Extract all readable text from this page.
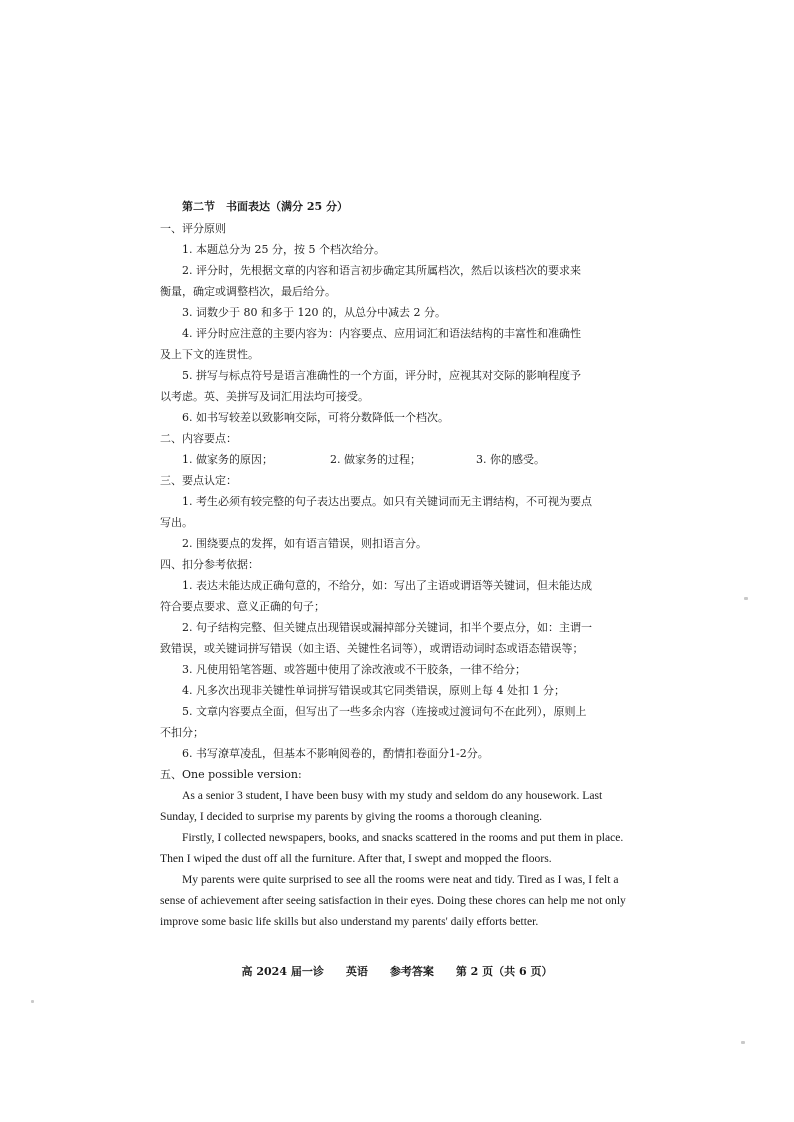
第二节　书面表达（满分 25 分）
一、评分原则
1. 本题总分为 25 分，按 5 个档次给分。
2. 评分时，先根据文章的内容和语言初步确定其所属档次，然后以该档次的要求来
衡量，确定或调整档次，最后给分。
3. 词数少于 80 和多于 120 的，从总分中减去 2 分。
4. 评分时应注意的主要内容为：内容要点、应用词汇和语法结构的丰富性和准确性
及上下文的连贯性。
5. 拼写与标点符号是语言准确性的一个方面，评分时，应视其对交际的影响程度予
以考虑。英、美拼写及词汇用法均可接受。
6. 如书写较差以致影响交际，可将分数降低一个档次。
二、内容要点：
1. 做家务的原因；	2. 做家务的过程；	3. 你的感受。
三、要点认定：
1. 考生必须有较完整的句子表达出要点。如只有关键词而无主谓结构，不可视为要点
写出。
2. 围绕要点的发挥，如有语言错误，则扣语言分。
四、扣分参考依据：
1. 表达未能达成正确句意的，不给分，如：写出了主语或谓语等关键词，但未能达成
符合要点要求、意义正确的句子；
2. 句子结构完整、但关键点出现错误或漏掉部分关键词，扣半个要点分，如：主谓一
致错误，或关键词拼写错误（如主语、关键性名词等），或谓语动词时态或语态错误等；
3. 凡使用铅笔答题、或答题中使用了涂改液或不干胶条，一律不给分；
4. 凡多次出现非关键性单词拼写错误或其它同类错误，原则上每 4 处扣 1 分；
5. 文章内容要点全面，但写出了一些多余内容（连接或过渡词句不在此列），原则上
不扣分；
6. 书写潦草凌乱，但基本不影响阅卷的，酌情扣卷面分1-2分。
五、One possible version:
As a senior 3 student, I have been busy with my study and seldom do any housework. Last
Sunday, I decided to surprise my parents by giving the rooms a thorough cleaning.
Firstly, I collected newspapers, books, and snacks scattered in the rooms and put them in place.
Then I wiped the dust off all the furniture. After that, I swept and mopped the floors.
My parents were quite surprised to see all the rooms were neat and tidy. Tired as I was, I felt a
sense of achievement after seeing satisfaction in their eyes. Doing these chores can help me not only
improve some basic life skills but also understand my parents' daily efforts better.
高 2024 届一诊　　英语　　参考答案　　第 2 页（共 6 页）
